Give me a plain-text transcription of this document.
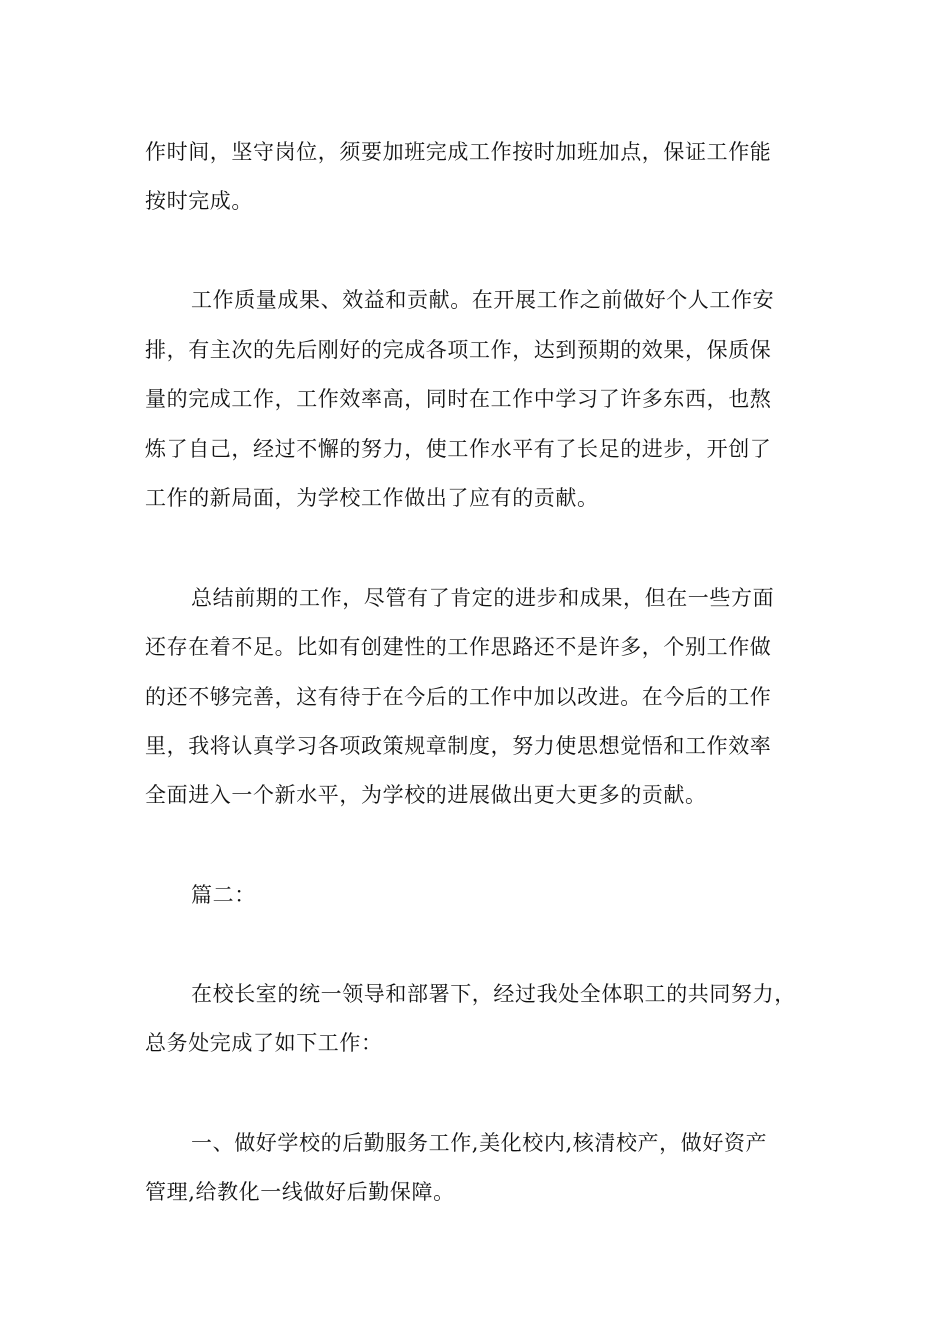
作时间，坚守岗位，须要加班完成工作按时加班加点，保证工作能

按时完成。

工作质量成果、效益和贡献。在开展工作之前做好个人工作安

排，有主次的先后刚好的完成各项工作，达到预期的效果，保质保

量的完成工作，工作效率高，同时在工作中学习了许多东西，也熬

炼了自己，经过不懈的努力，使工作水平有了长足的进步，开创了

工作的新局面，为学校工作做出了应有的贡献。

总结前期的工作，尽管有了肯定的进步和成果，但在一些方面

还存在着不足。比如有创建性的工作思路还不是许多，个别工作做

的还不够完善，这有待于在今后的工作中加以改进。在今后的工作

里，我将认真学习各项政策规章制度，努力使思想觉悟和工作效率

全面进入一个新水平，为学校的进展做出更大更多的贡献。

篇二：

在校长室的统一领导和部署下，经过我处全体职工的共同努力，

总务处完成了如下工作：

一、做好学校的后勤服务工作,美化校内,核清校产，做好资产

管理,给教化一线做好后勤保障。
